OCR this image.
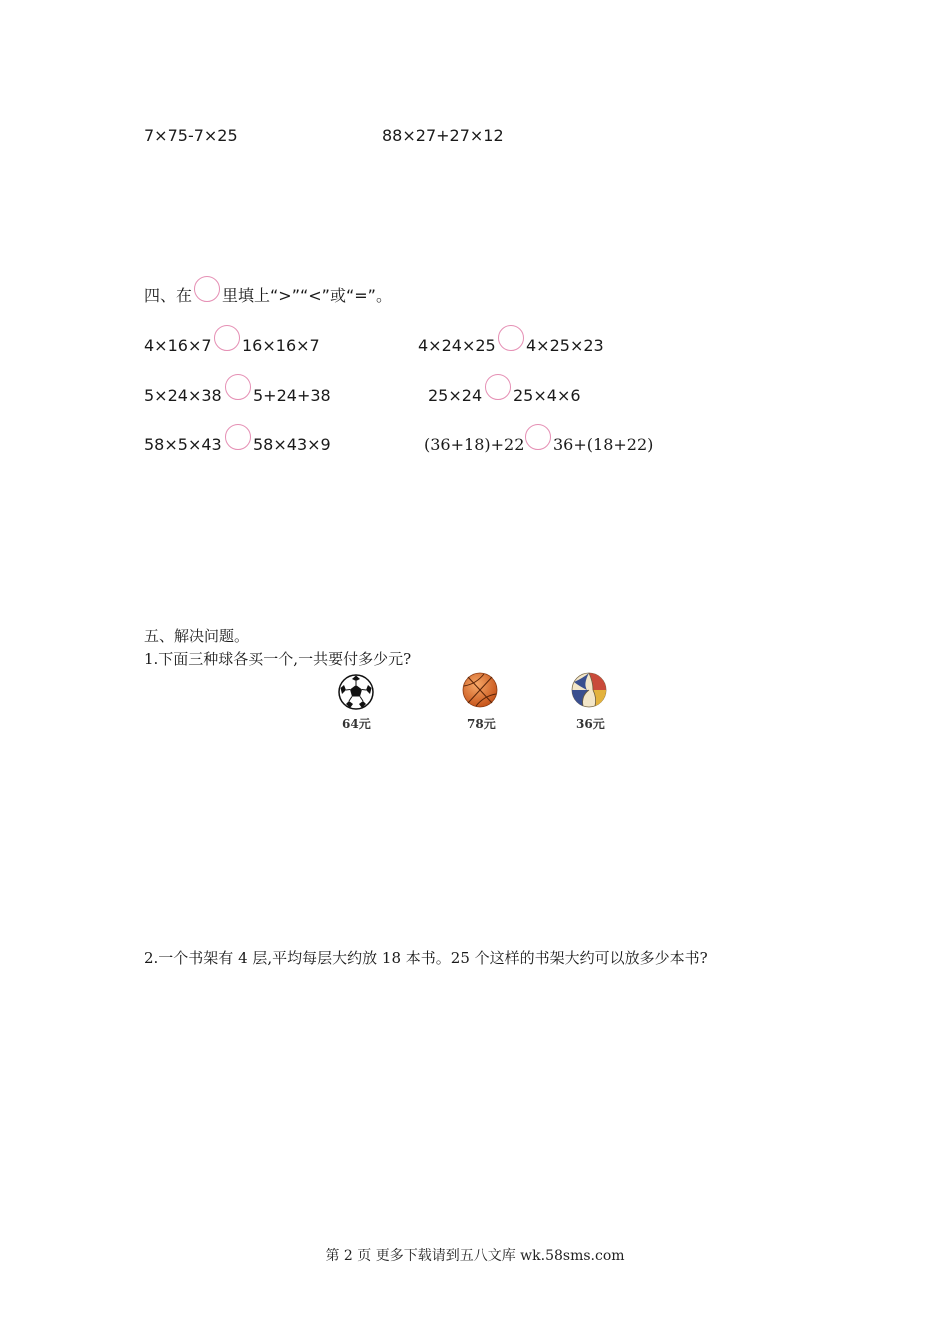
7×75-7×25	88×27+27×12
四、在 里填上“>”“<”或“=”。
4×16×7 16×16×7	4×24×25 4×25×23
5×24×38 5+24+38	25×24 25×4×6
58×5×43 58×43×9	(36+18)+22 36+(18+22)
五、解决问题。
1.下面三种球各买一个,一共要付多少元?
64元	78元	36元
2.一个书架有 4 层,平均每层大约放 18 本书。25 个这样的书架大约可以放多少本书?
第 2 页 更多下载请到五八文库 wk.58sms.com
